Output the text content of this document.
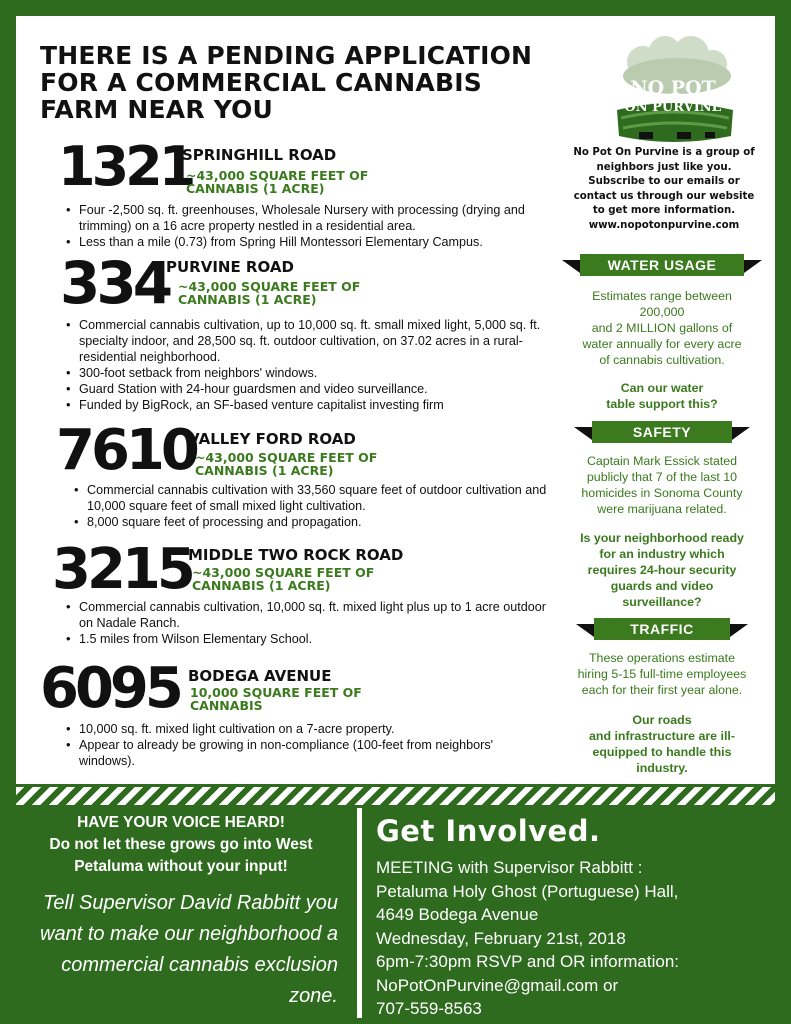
THERE IS A PENDING APPLICATION
FOR A COMMERCIAL CANNABIS
FARM NEAR YOU
1321
SPRINGHILL ROAD
~43,000 SQUARE FEET OF
CANNABIS (1 ACRE)
• Four -2,500 sq. ft. greenhouses, Wholesale Nursery with processing (drying and trimming) on a 16 acre property nestled in a residential area.
• Less than a mile (0.73) from Spring Hill Montessori Elementary Campus.
334
PURVINE ROAD
~43,000 SQUARE FEET OF
CANNABIS (1 ACRE)
• Commercial cannabis cultivation, up to 10,000 sq. ft. small mixed light, 5,000 sq. ft. specialty indoor, and 28,500 sq. ft. outdoor cultivation, on 37.02 acres in a rural-residential neighborhood.
• 300-foot setback from neighbors' windows.
• Guard Station with 24-hour guardsmen and video surveillance.
• Funded by BigRock, an SF-based venture capitalist investing firm
7610
VALLEY FORD ROAD
~43,000 SQUARE FEET OF
CANNABIS (1 ACRE)
• Commercial cannabis cultivation with 33,560 square feet of outdoor cultivation and 10,000 square feet of small mixed light cultivation.
• 8,000 square feet of processing and propagation.
3215
MIDDLE TWO ROCK ROAD
~43,000 SQUARE FEET OF
CANNABIS (1 ACRE)
• Commercial cannabis cultivation, 10,000 sq. ft. mixed light plus up to 1 acre outdoor on Nadale Ranch.
• 1.5 miles from Wilson Elementary School.
6095 BODEGA AVENUE
10,000 SQUARE FEET OF
CANNABIS
• 10,000 sq. ft. mixed light cultivation on a 7-acre property.
• Appear to already be growing in non-compliance (100-feet from neighbors' windows).
NO POT
ON PURVINE
No Pot On Purvine is a group of
neighbors just like you.
Subscribe to our emails or
contact us through our website
to get more information.
www.nopotonpurvine.com
WATER USAGE
Estimates range between
200,000
and 2 MILLION gallons of
water annually for every acre
of cannabis cultivation.
Can our water
table support this?
SAFETY
Captain Mark Essick stated
publicly that 7 of the last 10
homicides in Sonoma County
were marijuana related.
Is your neighborhood ready
for an industry which
requires 24-hour security
guards and video
surveillance?
TRAFFIC
These operations estimate
hiring 5-15 full-time employees
each for their first year alone.
Our roads
and infrastructure are ill-
equipped to handle this
industry.
HAVE YOUR VOICE HEARD!
Do not let these grows go into West
Petaluma without your input!
Tell Supervisor David Rabbitt you
want to make our neighborhood a
commercial cannabis exclusion
zone.
Get Involved.
MEETING with Supervisor Rabbitt :
Petaluma Holy Ghost (Portuguese) Hall,
4649 Bodega Avenue
Wednesday, February 21st, 2018
6pm-7:30pm RSVP and OR information:
NoPotOnPurvine@gmail.com or
707-559-8563
